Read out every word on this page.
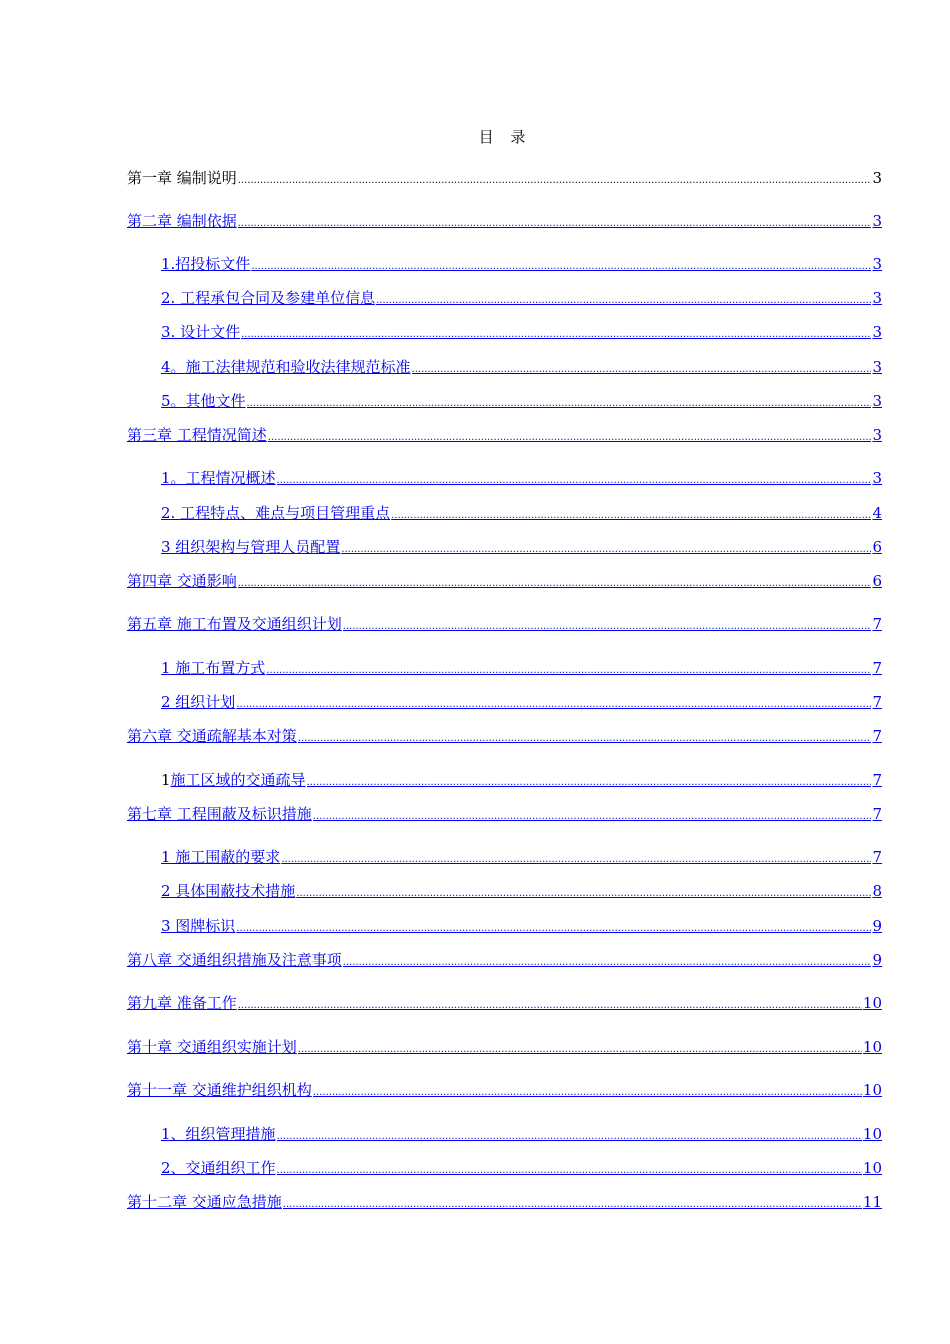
目 录
第一章 编制说明 .....	3
第二章 编制依据 .....	3
1.招投标文件 .....	3
2. 工程承包合同及参建单位信息 .....	3
3. 设计文件 .....	3
4。施工法律规范和验收法律规范标准 .....	3
5。其他文件 .....	3
第三章 工程情况简述 .....	3
1。工程情况概述 .....	3
2. 工程特点、难点与项目管理重点 .....	4
3 组织架构与管理人员配置 .....	6
第四章 交通影响 .....	6
第五章 施工布置及交通组织计划 .....	7
1 施工布置方式 .....	7
2 组织计划 .....	7
第六章 交通疏解基本对策 .....	7
1 施工区域的交通疏导 .....	7
第七章 工程围蔽及标识措施 .....	7
1 施工围蔽的要求 .....	7
2 具体围蔽技术措施 .....	8
3 图牌标识 .....	9
第八章 交通组织措施及注意事项 .....	9
第九章 准备工作 .....	10
第十章 交通组织实施计划 .....	10
第十一章 交通维护组织机构 .....	10
1、组织管理措施 .....	10
2、交通组织工作 .....	10
第十二章 交通应急措施 .....	11
